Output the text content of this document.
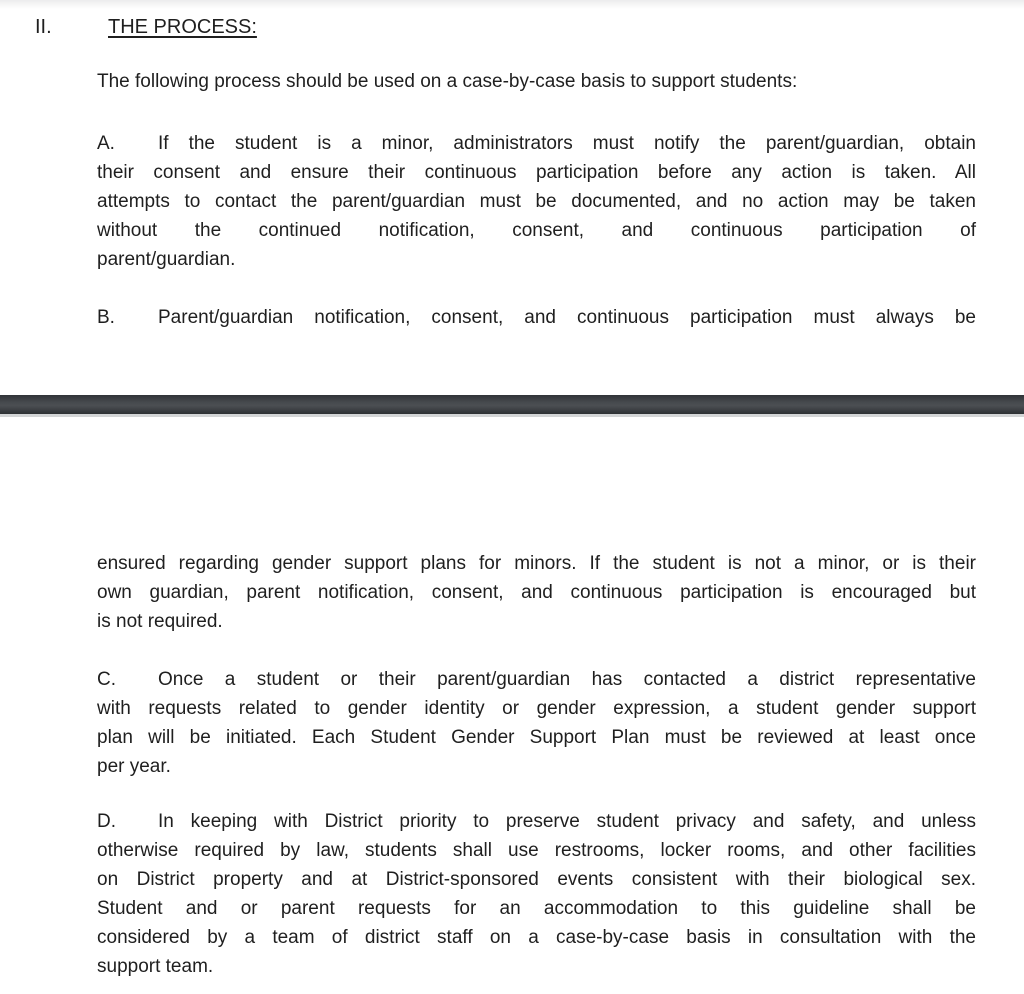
II.	THE PROCESS:
The following process should be used on a case-by-case basis to support students:
A. If the student is a minor, administrators must notify the parent/guardian, obtain
their consent and ensure their continuous participation before any action is taken. All
attempts to contact the parent/guardian must be documented, and no action may be taken
without the continued notification, consent, and continuous participation of
parent/guardian.
B. Parent/guardian notification, consent, and continuous participation must always be
ensured regarding gender support plans for minors. If the student is not a minor, or is their
own guardian, parent notification, consent, and continuous participation is encouraged but
is not required.
C. Once a student or their parent/guardian has contacted a district representative
with requests related to gender identity or gender expression, a student gender support
plan will be initiated. Each Student Gender Support Plan must be reviewed at least once
per year.
D. In keeping with District priority to preserve student privacy and safety, and unless
otherwise required by law, students shall use restrooms, locker rooms, and other facilities
on District property and at District-sponsored events consistent with their biological sex.
Student and or parent requests for an accommodation to this guideline shall be
considered by a team of district staff on a case-by-case basis in consultation with the
support team.
